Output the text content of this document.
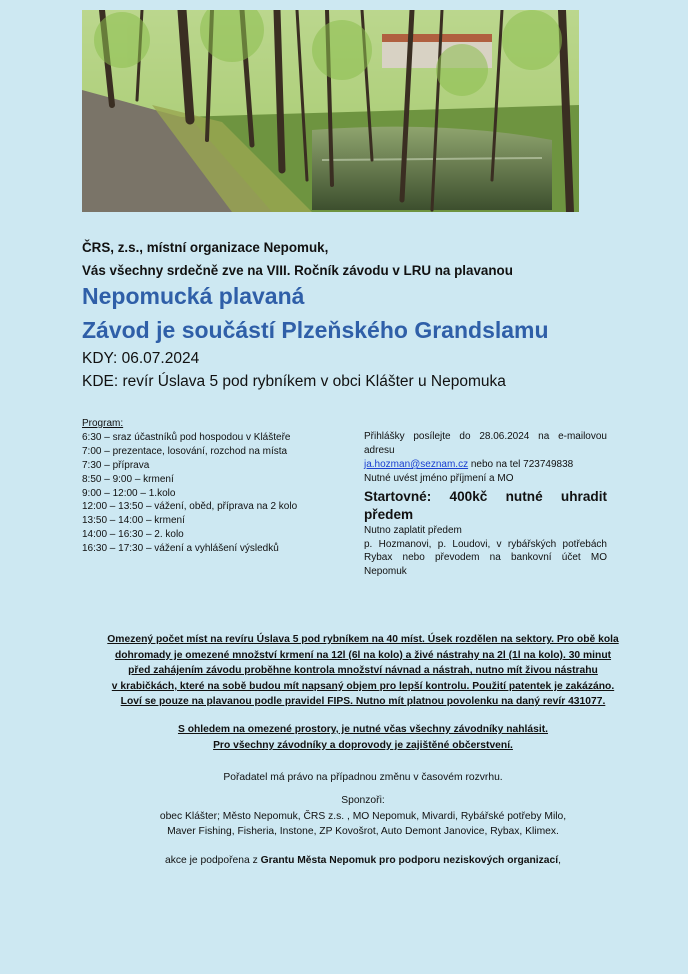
ČRS, z.s., místní organizace Nepomuk,
Vás všechny srdečně zve na VIII. Ročník závodu v LRU na plavanou
Nepomucká plavaná
Závod je součástí Plzeňského Grandslamu
KDY: 06.07.2024
KDE: revír Úslava 5 pod rybníkem v obci Klášter u Nepomuka
Program:
6:30 – sraz účastníků pod hospodou v Klášteře
7:00 – prezentace, losování, rozchod na místa
7:30 – příprava
8:50 – 9:00 – krmení
9:00 – 12:00 – 1.kolo
12:00 – 13:50 – vážení, oběd, příprava na 2 kolo
13:50 – 14:00 – krmení
14:00 – 16:30 – 2. kolo
16:30 – 17:30 – vážení a vyhlášení výsledků
Přihlášky posílejte do 28.06.2024 na e-mailovou adresu
ja.hozman@seznam.cz nebo na tel 723749838
Nutné uvést jméno příjmení a MO
Startovné: 400kč nutné uhradit předem
Nutno zaplatit předem
p. Hozmanovi, p. Loudovi, v rybářských potřebách Rybax nebo převodem na bankovní účet MO Nepomuk
Omezený počet míst na revíru Úslava 5 pod rybníkem na 40 míst. Úsek rozdělen na sektory. Pro obě kola
dohromady je omezené množství krmení na 12l (6l na kolo) a živé nástrahy na 2l (1l na kolo). 30 minut
před zahájením závodu proběhne kontrola množství návnad a nástrah, nutno mít živou nástrahu
v krabičkách, které na sobě budou mít napsaný objem pro lepší kontrolu. Použití patentek je zakázáno.
Loví se pouze na plavanou podle pravidel FIPS. Nutno mít platnou povolenku na daný revír 431077.
S ohledem na omezené prostory, je nutné včas všechny závodníky nahlásit.
Pro všechny závodníky a doprovody je zajištěné občerstvení.
Pořadatel má právo na případnou změnu v časovém rozvrhu.
Sponzoři:
obec Klášter; Město Nepomuk, ČRS z.s. , MO Nepomuk, Mivardi, Rybářské potřeby Milo,
Maver Fishing, Fisheria, Instone, ZP Kovošrot, Auto Demont Janovice, Rybax, Klimex.
akce je podpořena z Grantu Města Nepomuk pro podporu neziskových organizací,
